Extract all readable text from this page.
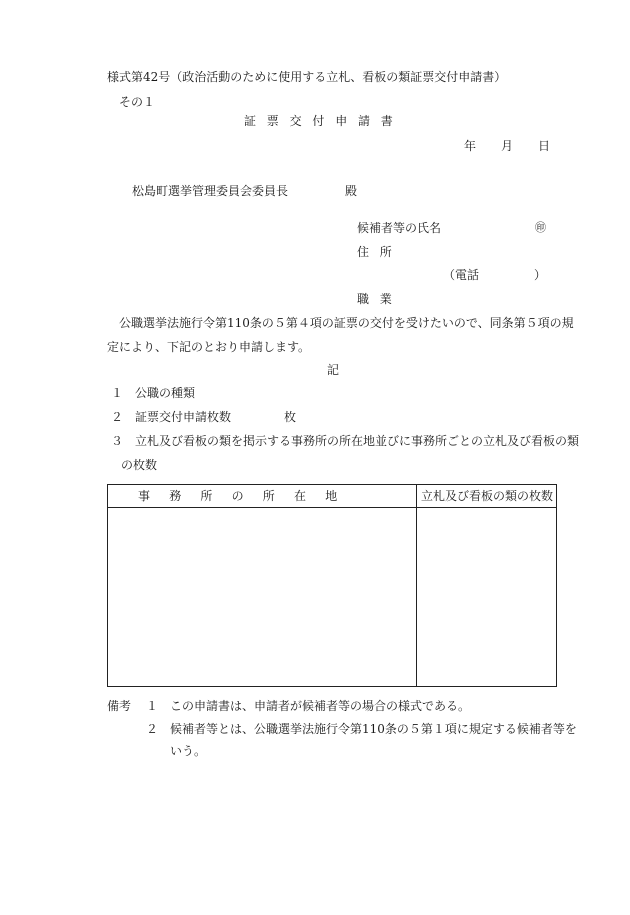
様式第42号（政治活動のために使用する立札、看板の類証票交付申請書）
その１
証票交付申請書
年 月 日
松島町選挙管理委員会委員長	殿
候補者等の氏名	㊞
住所
（電話	）
職業
公職選挙法施行令第110条の５第４項の証票の交付を受けたいので、同条第５項の規
定により、下記のとおり申請します。
記
１　公職の種類
２　証票交付申請枚数	枚
３　立札及び看板の類を掲示する事務所の所在地並びに事務所ごとの立札及び看板の類
の枚数
事務所の所在地	立札及び看板の類の枚数
備考 １　この申請書は、申請者が候補者等の場合の様式である。
２　候補者等とは、公職選挙法施行令第110条の５第１項に規定する候補者等を
いう。
